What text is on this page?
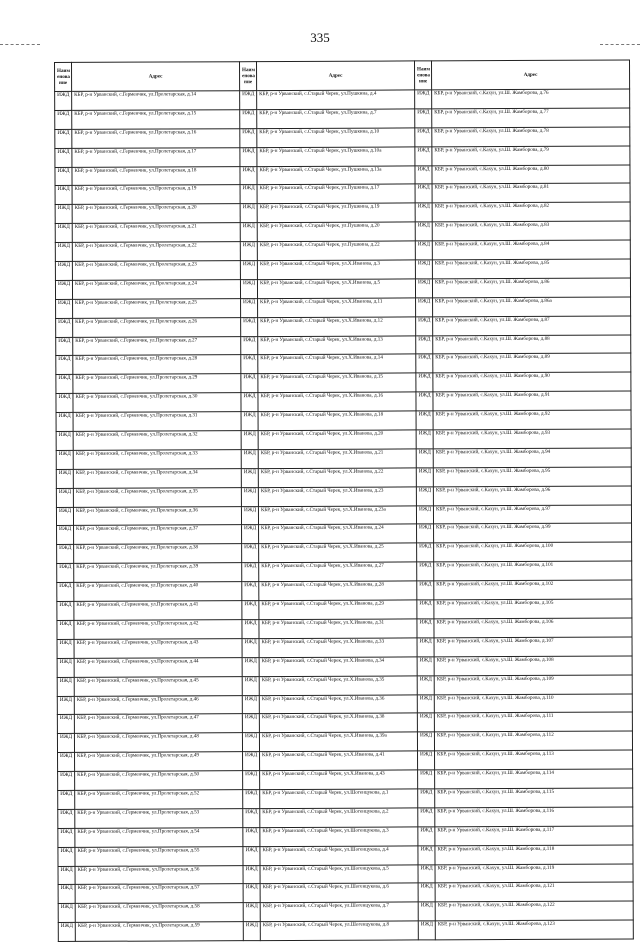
335
Наим енова ние	Адрес	Наим енова ние	Адрес	Наим енова ние	Адрес
ИЖД	КБР, р-н Урванский, с.Герменчик, ул.Пролетарская, д.14	ИЖД	КБР, р-н Урванский, с.Старый Черек, ул.Пушкина, д.4	ИЖД	КБР, р-н Урванский, с.Кахун, ул.Ш. Жамборова, д.76
ИЖД	КБР, р-н Урванский, с.Герменчик, ул.Пролетарская, д.15	ИЖД	КБР, р-н Урванский, с.Старый Черек, ул.Пушкина, д.7	ИЖД	КБР, р-н Урванский, с.Кахун, ул.Ш. Жамборова, д.77
ИЖД	КБР, р-н Урванский, с.Герменчик, ул.Пролетарская, д.16	ИЖД	КБР, р-н Урванский, с.Старый Черек, ул.Пушкина, д.10	ИЖД	КБР, р-н Урванский, с.Кахун, ул.Ш. Жамборова, д.78
ИЖД	КБР, р-н Урванский, с.Герменчик, ул.Пролетарская, д.17	ИЖД	КБР, р-н Урванский, с.Старый Черек, ул.Пушкина, д.10а	ИЖД	КБР, р-н Урванский, с.Кахун, ул.Ш. Жамборова, д.79
ИЖД	КБР, р-н Урванский, с.Герменчик, ул.Пролетарская, д.18	ИЖД	КБР, р-н Урванский, с.Старый Черек, ул.Пушкина, д.13а	ИЖД	КБР, р-н Урванский, с.Кахун, ул.Ш. Жамборова, д.80
ИЖД	КБР, р-н Урванский, с.Герменчик, ул.Пролетарская, д.19	ИЖД	КБР, р-н Урванский, с.Старый Черек, ул.Пушкина, д.17	ИЖД	КБР, р-н Урванский, с.Кахун, ул.Ш. Жамборова, д.81
ИЖД	КБР, р-н Урванский, с.Герменчик, ул.Пролетарская, д.20	ИЖД	КБР, р-н Урванский, с.Старый Черек, ул.Пушкина, д.19	ИЖД	КБР, р-н Урванский, с.Кахун, ул.Ш. Жамборова, д.82
ИЖД	КБР, р-н Урванский, с.Герменчик, ул.Пролетарская, д.21	ИЖД	КБР, р-н Урванский, с.Старый Черек, ул.Пушкина, д.20	ИЖД	КБР, р-н Урванский, с.Кахун, ул.Ш. Жамборова, д.83
ИЖД	КБР, р-н Урванский, с.Герменчик, ул.Пролетарская, д.22	ИЖД	КБР, р-н Урванский, с.Старый Черек, ул.Пушкина, д.22	ИЖД	КБР, р-н Урванский, с.Кахун, ул.Ш. Жамборова, д.84
ИЖД	КБР, р-н Урванский, с.Герменчик, ул.Пролетарская, д.23	ИЖД	КБР, р-н Урванский, с.Старый Черек, ул.Х.Иванова, д.3	ИЖД	КБР, р-н Урванский, с.Кахун, ул.Ш. Жамборова, д.85
ИЖД	КБР, р-н Урванский, с.Герменчик, ул.Пролетарская, д.24	ИЖД	КБР, р-н Урванский, с.Старый Черек, ул.Х.Иванова, д.5	ИЖД	КБР, р-н Урванский, с.Кахун, ул.Ш. Жамборова, д.86
ИЖД	КБР, р-н Урванский, с.Герменчик, ул.Пролетарская, д.25	ИЖД	КБР, р-н Урванский, с.Старый Черек, ул.Х.Иванова, д.11	ИЖД	КБР, р-н Урванский, с.Кахун, ул.Ш. Жамборова, д.86а
ИЖД	КБР, р-н Урванский, с.Герменчик, ул.Пролетарская, д.26	ИЖД	КБР, р-н Урванский, с.Старый Черек, ул.Х.Иванова, д.12	ИЖД	КБР, р-н Урванский, с.Кахун, ул.Ш. Жамборова, д.87
ИЖД	КБР, р-н Урванский, с.Герменчик, ул.Пролетарская, д.27	ИЖД	КБР, р-н Урванский, с.Старый Черек, ул.Х.Иванова, д.13	ИЖД	КБР, р-н Урванский, с.Кахун, ул.Ш. Жамборова, д.88
ИЖД	КБР, р-н Урванский, с.Герменчик, ул.Пролетарская, д.28	ИЖД	КБР, р-н Урванский, с.Старый Черек, ул.Х.Иванова, д.14	ИЖД	КБР, р-н Урванский, с.Кахун, ул.Ш. Жамборова, д.89
ИЖД	КБР, р-н Урванский, с.Герменчик, ул.Пролетарская, д.29	ИЖД	КБР, р-н Урванский, с.Старый Черек, ул.Х.Иванова, д.15	ИЖД	КБР, р-н Урванский, с.Кахун, ул.Ш. Жамборова, д.90
ИЖД	КБР, р-н Урванский, с.Герменчик, ул.Пролетарская, д.30	ИЖД	КБР, р-н Урванский, с.Старый Черек, ул.Х.Иванова, д.16	ИЖД	КБР, р-н Урванский, с.Кахун, ул.Ш. Жамборова, д.91
ИЖД	КБР, р-н Урванский, с.Герменчик, ул.Пролетарская, д.31	ИЖД	КБР, р-н Урванский, с.Старый Черек, ул.Х.Иванова, д.18	ИЖД	КБР, р-н Урванский, с.Кахун, ул.Ш. Жамборова, д.92
ИЖД	КБР, р-н Урванский, с.Герменчик, ул.Пролетарская, д.32	ИЖД	КБР, р-н Урванский, с.Старый Черек, ул.Х.Иванова, д.20	ИЖД	КБР, р-н Урванский, с.Кахун, ул.Ш. Жамборова, д.93
ИЖД	КБР, р-н Урванский, с.Герменчик, ул.Пролетарская, д.33	ИЖД	КБР, р-н Урванский, с.Старый Черек, ул.Х.Иванова, д.21	ИЖД	КБР, р-н Урванский, с.Кахун, ул.Ш. Жамборова, д.94
ИЖД	КБР, р-н Урванский, с.Герменчик, ул.Пролетарская, д.34	ИЖД	КБР, р-н Урванский, с.Старый Черек, ул.Х.Иванова, д.22	ИЖД	КБР, р-н Урванский, с.Кахун, ул.Ш. Жамборова, д.95
ИЖД	КБР, р-н Урванский, с.Герменчик, ул.Пролетарская, д.35	ИЖД	КБР, р-н Урванский, с.Старый Черек, ул.Х.Иванова, д.23	ИЖД	КБР, р-н Урванский, с.Кахун, ул.Ш. Жамборова, д.96
ИЖД	КБР, р-н Урванский, с.Герменчик, ул.Пролетарская, д.36	ИЖД	КБР, р-н Урванский, с.Старый Черек, ул.Х.Иванова, д.23а	ИЖД	КБР, р-н Урванский, с.Кахун, ул.Ш. Жамборова, д.97
ИЖД	КБР, р-н Урванский, с.Герменчик, ул.Пролетарская, д.37	ИЖД	КБР, р-н Урванский, с.Старый Черек, ул.Х.Иванова, д.24	ИЖД	КБР, р-н Урванский, с.Кахун, ул.Ш. Жамборова, д.99
ИЖД	КБР, р-н Урванский, с.Герменчик, ул.Пролетарская, д.38	ИЖД	КБР, р-н Урванский, с.Старый Черек, ул.Х.Иванова, д.25	ИЖД	КБР, р-н Урванский, с.Кахун, ул.Ш. Жамборова, д.100
ИЖД	КБР, р-н Урванский, с.Герменчик, ул.Пролетарская, д.39	ИЖД	КБР, р-н Урванский, с.Старый Черек, ул.Х.Иванова, д.27	ИЖД	КБР, р-н Урванский, с.Кахун, ул.Ш. Жамборова, д.101
ИЖД	КБР, р-н Урванский, с.Герменчик, ул.Пролетарская, д.40	ИЖД	КБР, р-н Урванский, с.Старый Черек, ул.Х.Иванова, д.28	ИЖД	КБР, р-н Урванский, с.Кахун, ул.Ш. Жамборова, д.102
ИЖД	КБР, р-н Урванский, с.Герменчик, ул.Пролетарская, д.41	ИЖД	КБР, р-н Урванский, с.Старый Черек, ул.Х.Иванова, д.29	ИЖД	КБР, р-н Урванский, с.Кахун, ул.Ш. Жамборова, д.105
ИЖД	КБР, р-н Урванский, с.Герменчик, ул.Пролетарская, д.42	ИЖД	КБР, р-н Урванский, с.Старый Черек, ул.Х.Иванова, д.31	ИЖД	КБР, р-н Урванский, с.Кахун, ул.Ш. Жамборова, д.106
ИЖД	КБР, р-н Урванский, с.Герменчик, ул.Пролетарская, д.43	ИЖД	КБР, р-н Урванский, с.Старый Черек, ул.Х.Иванова, д.33	ИЖД	КБР, р-н Урванский, с.Кахун, ул.Ш. Жамборова, д.107
ИЖД	КБР, р-н Урванский, с.Герменчик, ул.Пролетарская, д.44	ИЖД	КБР, р-н Урванский, с.Старый Черек, ул.Х.Иванова, д.34	ИЖД	КБР, р-н Урванский, с.Кахун, ул.Ш. Жамборова, д.108
ИЖД	КБР, р-н Урванский, с.Герменчик, ул.Пролетарская, д.45	ИЖД	КБР, р-н Урванский, с.Старый Черек, ул.Х.Иванова, д.35	ИЖД	КБР, р-н Урванский, с.Кахун, ул.Ш. Жамборова, д.109
ИЖД	КБР, р-н Урванский, с.Герменчик, ул.Пролетарская, д.46	ИЖД	КБР, р-н Урванский, с.Старый Черек, ул.Х.Иванова, д.36	ИЖД	КБР, р-н Урванский, с.Кахун, ул.Ш. Жамборова, д.110
ИЖД	КБР, р-н Урванский, с.Герменчик, ул.Пролетарская, д.47	ИЖД	КБР, р-н Урванский, с.Старый Черек, ул.Х.Иванова, д.38	ИЖД	КБР, р-н Урванский, с.Кахун, ул.Ш. Жамборова, д.111
ИЖД	КБР, р-н Урванский, с.Герменчик, ул.Пролетарская, д.48	ИЖД	КБР, р-н Урванский, с.Старый Черек, ул.Х.Иванова, д.39а	ИЖД	КБР, р-н Урванский, с.Кахун, ул.Ш. Жамборова, д.112
ИЖД	КБР, р-н Урванский, с.Герменчик, ул.Пролетарская, д.49	ИЖД	КБР, р-н Урванский, с.Старый Черек, ул.Х.Иванова, д.41	ИЖД	КБР, р-н Урванский, с.Кахун, ул.Ш. Жамборова, д.113
ИЖД	КБР, р-н Урванский, с.Герменчик, ул.Пролетарская, д.50	ИЖД	КБР, р-н Урванский, с.Старый Черек, ул.Х.Иванова, д.43	ИЖД	КБР, р-н Урванский, с.Кахун, ул.Ш. Жамборова, д.114
ИЖД	КБР, р-н Урванский, с.Герменчик, ул.Пролетарская, д.52	ИЖД	КБР, р-н Урванский, с.Старый Черек, ул.Шогенцукова, д.1	ИЖД	КБР, р-н Урванский, с.Кахун, ул.Ш. Жамборова, д.115
ИЖД	КБР, р-н Урванский, с.Герменчик, ул.Пролетарская, д.53	ИЖД	КБР, р-н Урванский, с.Старый Черек, ул.Шогенцукова, д.2	ИЖД	КБР, р-н Урванский, с.Кахун, ул.Ш. Жамборова, д.116
ИЖД	КБР, р-н Урванский, с.Герменчик, ул.Пролетарская, д.54	ИЖД	КБР, р-н Урванский, с.Старый Черек, ул.Шогенцукова, д.3	ИЖД	КБР, р-н Урванский, с.Кахун, ул.Ш. Жамборова, д.117
ИЖД	КБР, р-н Урванский, с.Герменчик, ул.Пролетарская, д.55	ИЖД	КБР, р-н Урванский, с.Старый Черек, ул.Шогенцукова, д.4	ИЖД	КБР, р-н Урванский, с.Кахун, ул.Ш. Жамборова, д.118
ИЖД	КБР, р-н Урванский, с.Герменчик, ул.Пролетарская, д.56	ИЖД	КБР, р-н Урванский, с.Старый Черек, ул.Шогенцукова, д.5	ИЖД	КБР, р-н Урванский, с.Кахун, ул.Ш. Жамборова, д.119
ИЖД	КБР, р-н Урванский, с.Герменчик, ул.Пролетарская, д.57	ИЖД	КБР, р-н Урванский, с.Старый Черек, ул.Шогенцукова, д.6	ИЖД	КБР, р-н Урванский, с.Кахун, ул.Ш. Жамборова, д.121
ИЖД	КБР, р-н Урванский, с.Герменчик, ул.Пролетарская, д.58	ИЖД	КБР, р-н Урванский, с.Старый Черек, ул.Шогенцукова, д.7	ИЖД	КБР, р-н Урванский, с.Кахун, ул.Ш. Жамборова, д.122
ИЖД	КБР, р-н Урванский, с.Герменчик, ул.Пролетарская, д.59	ИЖД	КБР, р-н Урванский, с.Старый Черек, ул.Шогенцукова, д.8	ИЖД	КБР, р-н Урванский, с.Кахун, ул.Ш. Жамборова, д.123
